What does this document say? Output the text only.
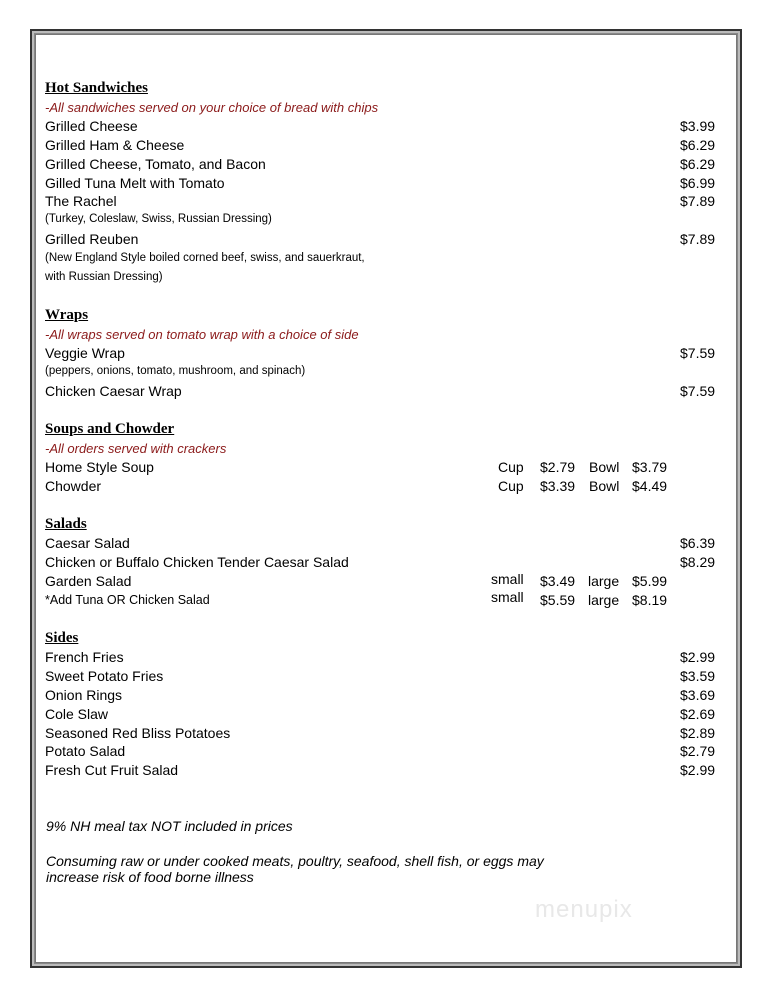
Hot Sandwiches
-All sandwiches served on your choice of bread with chips
Grilled Cheese	$3.99
Grilled Ham & Cheese	$6.29
Grilled Cheese, Tomato, and Bacon	$6.29
Gilled Tuna Melt with Tomato	$6.99
The Rachel	$7.89
(Turkey, Coleslaw, Swiss, Russian Dressing)
Grilled Reuben	$7.89
(New England Style boiled corned beef, swiss, and sauerkraut,
with Russian Dressing)
Wraps
-All wraps served on tomato wrap with a choice of side
Veggie Wrap	$7.59
(peppers, onions, tomato, mushroom, and spinach)
Chicken Caesar Wrap	$7.59
Soups and Chowder
-All orders served with crackers
Home Style Soup	Cup $2.79 Bowl $3.79
Chowder	Cup $3.39 Bowl $4.49
Salads
Caesar Salad	$6.39
Chicken or Buffalo Chicken Tender Caesar Salad	$8.29
Garden Salad	small $3.49 large $5.99
*Add Tuna OR Chicken Salad	small $5.59 large $8.19
Sides
French Fries	$2.99
Sweet Potato Fries	$3.59
Onion Rings	$3.69
Cole Slaw	$2.69
Seasoned Red Bliss Potatoes	$2.89
Potato Salad	$2.79
Fresh Cut Fruit Salad	$2.99
9% NH meal tax NOT included in prices
Consuming raw or under cooked meats, poultry, seafood, shell fish, or eggs may
increase risk of food borne illness
menupix
